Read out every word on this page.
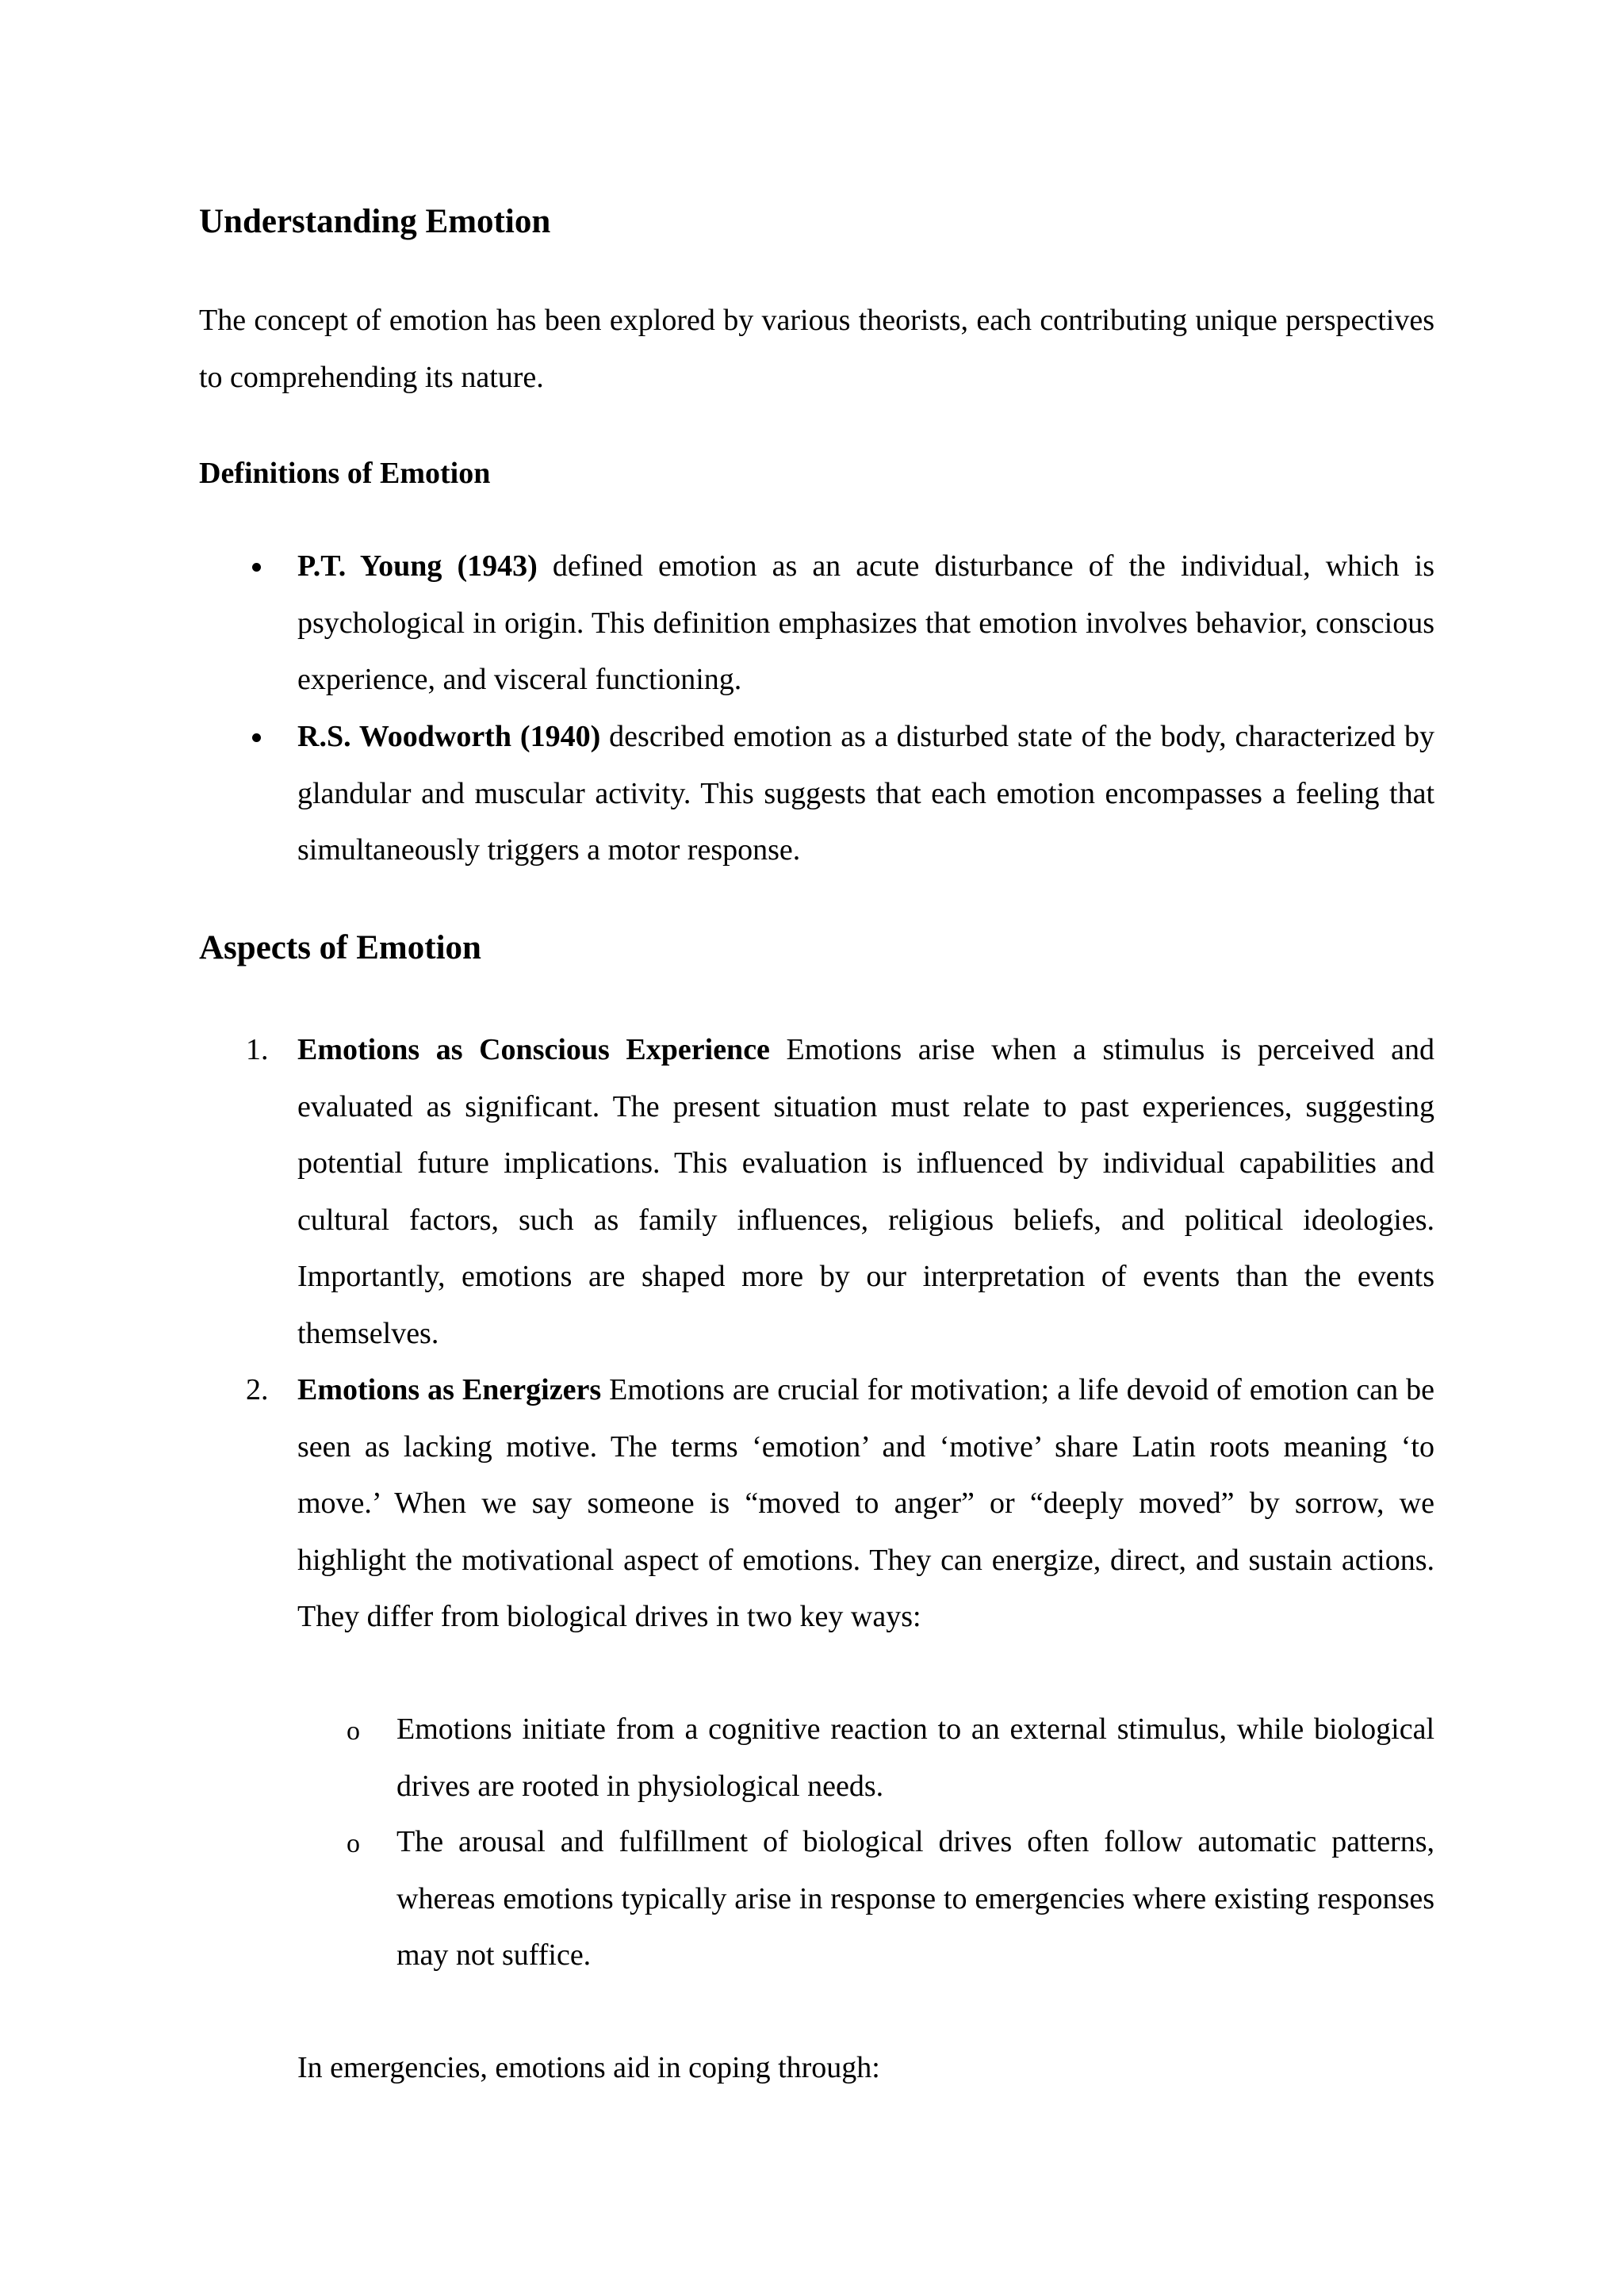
Understanding Emotion

The concept of emotion has been explored by various theorists, each contributing unique perspectives to comprehending its nature.

Definitions of Emotion

P.T. Young (1943) defined emotion as an acute disturbance of the individual, which is psychological in origin. This definition emphasizes that emotion involves behavior, conscious experience, and visceral functioning.

R.S. Woodworth (1940) described emotion as a disturbed state of the body, characterized by glandular and muscular activity. This suggests that each emotion encompasses a feeling that simultaneously triggers a motor response.

Aspects of Emotion
1. Emotions as Conscious Experience Emotions arise when a stimulus is perceived and evaluated as significant. The present situation must relate to past experiences, suggesting potential future implications. This evaluation is influenced by individual capabilities and cultural factors, such as family influences, religious beliefs, and political ideologies. Importantly, emotions are shaped more by our interpretation of events than the events themselves.

2. Emotions as Energizers Emotions are crucial for motivation; a life devoid of emotion can be seen as lacking motive. The terms ‘emotion’ and ‘motive’ share Latin roots meaning ‘to move.’ When we say someone is “moved to anger” or “deeply moved” by sorrow, we highlight the motivational aspect of emotions. They can energize, direct, and sustain actions. They differ from biological drives in two key ways:

o Emotions initiate from a cognitive reaction to an external stimulus, while biological drives are rooted in physiological needs.

o The arousal and fulfillment of biological drives often follow automatic patterns, whereas emotions typically arise in response to emergencies where existing responses may not suffice.

In emergencies, emotions aid in coping through:
